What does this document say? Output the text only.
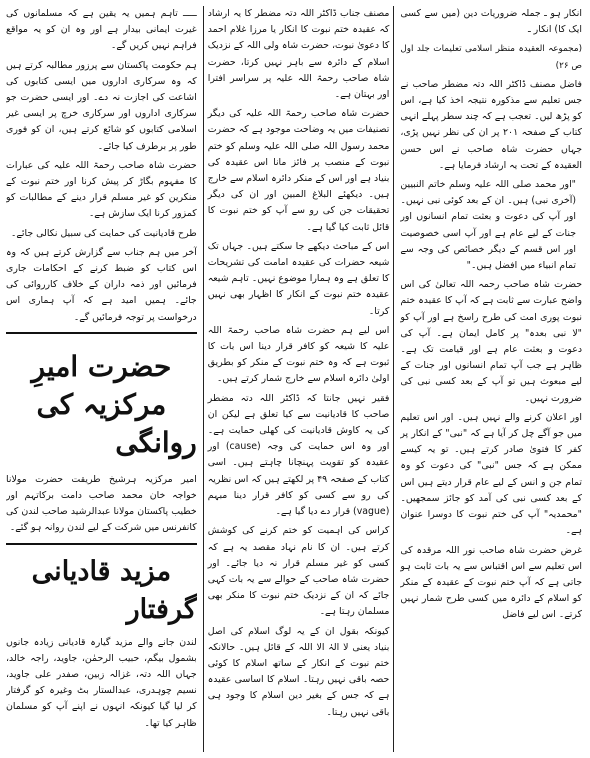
انکار ہو ـ جملہ ضروریات دین (میں سے کسی ایک کا) انکار ـ

(مجموعہ العقیدہ منظر اسلامی تعلیمات جلد اول ص ۲۶)

فاضل مصنف ڈاکٹر اللہ دتہ مضطر صاحب نے جس تعلیم سے مذکورہ نتیجہ اخذ کیا ہے، اس کو پڑھ لیں۔ تعجب ہے کہ چند سطر پہلے انہی کتاب کے صفحہ ۲۰۱ پر ان کی نظر نہیں پڑی، جہاں حضرت شاہ صاحب نے اس حسن العقیدہ کے تحت یہ ارشاد فرمایا ہے۔

"اور محمد صلی اللہ علیہ وسلم خاتم النبیین (آخری نبی) ہیں۔ ان کے بعد کوئی نبی نہیں۔ اور آپ کی دعوت و بعثت تمام انسانوں اور جنات کے لیے عام ہے اور آپ اسی خصوصیت اور اس قسم کے دیگر خصائص کی وجہ سے تمام انبیاء میں افضل ہیں۔"

حضرت شاہ صاحب رحمہ اللہ تعالیٰ کی اس واضح عبارت سے ثابت ہے کہ آپ کا عقیدہ ختم نبوت پوری امت کی طرح راسخ ہے اور آپ کو "لا نبی بعدہ" پر کامل ایمان ہے۔ آپ کی دعوت و بعثت عام ہے اور قیامت تک ہے۔ ظاہر ہے جب آپ تمام انسانوں اور جنات کے لیے مبعوث ہیں تو آپ کے بعد کسی نبی کی ضرورت نہیں۔

اور اعلان کرنے والے نہیں ہیں۔ اور اس تعلیم میں جو آگے چل کر آیا ہے کہ "نبی" کے انکار پر کفر کا فتویٰ صادر کرتے ہیں۔ تو یہ کیسے ممکن ہے کہ جس "نبی" کی دعوت کو وہ تمام جن و انس کے لیے عام قرار دیتے ہیں اس کے بعد کسی نبی کی آمد کو جائز سمجھیں۔ "محمدیہ" آپ کی ختم نبوت کا دوسرا عنوان ہے۔

غرض حضرت شاہ صاحب نور اللہ مرقدہ کی اس تعلیم سے اس اقتباس سے یہ بات ثابت ہو جاتی ہے کہ آپ ختم نبوت کے عقیدہ کے منکر کو اسلام کے دائرہ میں کسی طرح شمار نہیں کرتے۔ اس لیے فاضل

مصنف جناب ڈاکٹر اللہ دتہ مضطر کا یہ ارشاد کہ عقیدہ ختم نبوت کا انکار یا مرزا غلام احمد کا دعویٰ نبوت، حضرت شاہ ولی اللہ کے نزدیک اسلام کے دائرہ سے باہر نہیں کرتا، حضرت شاہ صاحب رحمۃ اللہ علیہ پر سراسر افترا اور بہتان ہے۔

حضرت شاہ صاحب رحمۃ اللہ علیہ کی دیگر تصنیفات میں یہ وضاحت موجود ہے کہ حضرت محمد رسول اللہ صلی اللہ علیہ وسلم کو ختم نبوت کے منصب پر فائز مانا اس عقیدہ کی بنیاد ہے اور اس کے منکر دائرہ اسلام سے خارج ہیں۔ دیکھئے البلاغ المبین اور ان کی دیگر تحقیقات جن کی رو سے آپ کو ختم نبوت کا قائل ثابت کیا گیا ہے۔

اس کے مباحث دیکھے جا سکتے ہیں۔ جہاں تک شیعہ حضرات کی عقیدہ امامت کی تشریحات کا تعلق ہے وہ ہمارا موضوع نہیں۔ تاہم شیعہ عقیدہ ختم نبوت کے انکار کا اظہار بھی نہیں کرتا۔

اس لیے ہم حضرت شاہ صاحب رحمۃ اللہ علیہ کا شیعہ کو کافر قرار دینا اس بات کا ثبوت ہے کہ وہ ختم نبوت کے منکر کو بطریق اولیٰ دائرہ اسلام سے خارج شمار کرتے ہیں۔

فقیر نہیں جانتا کہ ڈاکٹر اللہ دتہ مضطر صاحب کا قادیانیت سے کیا تعلق ہے لیکن ان کی یہ کاوش قادیانیت کی کھلی حمایت ہے۔ اور وہ اس حمایت کی وجہ (cause) اور عقیدہ کو تقویت پہنچانا چاہتے ہیں۔ اسی کتاب کے صفحہ ۴۹ پر لکھتے ہیں کہ اس نظریہ کی رو سے کسی کو کافر قرار دینا مبہم (vague) قرار دے دیا گیا ہے۔

کراس کی اہمیت کو ختم کرنے کی کوشش کرتے ہیں۔ ان کا نام نہاد مقصد یہ ہے کہ کسی کو غیر مسلم قرار نہ دیا جائے۔ اور حضرت شاہ صاحب کے حوالے سے یہ بات کہی جائے کہ ان کے نزدیک ختم نبوت کا منکر بھی مسلمان رہتا ہے۔

کیونکہ بقول ان کے یہ لوگ اسلام کی اصل بنیاد یعنی لا الہٰ الا اللہ کے قائل ہیں۔ حالانکہ ختم نبوت کے انکار کے ساتھ اسلام کا کوئی حصہ باقی نہیں رہتا۔ اسلام کا اساسی عقیدہ ہے کہ جس کے بغیر دین اسلام کا وجود ہی باقی نہیں رہتا۔

ـــــ تاہم ہمیں یہ یقین ہے کہ مسلمانوں کی غیرت ایمانی بیدار ہے اور وہ ان کو یہ مواقع فراہم نہیں کریں گے۔

ہم حکومت پاکستان سے پرزور مطالبہ کرتے ہیں کہ وہ سرکاری اداروں میں ایسی کتابوں کی اشاعت کی اجازت نہ دے۔ اور ایسی حضرت جو سرکاری اداروں اور سرکاری خرچ پر ایسی غیر اسلامی کتابوں کو شائع کرتے ہیں، ان کو فوری طور پر برطرف کیا جائے۔

حضرت شاہ صاحب رحمۃ اللہ علیہ کی عبارات کا مفہوم بگاڑ کر پیش کرنا اور ختم نبوت کے منکرین کو غیر مسلم قرار دینے کے مطالبات کو کمزور کرنا ایک سازش ہے۔

طرح قادیانیت کی حمایت کی سبیل نکالی جائے۔

آخر میں ہم جناب سے گزارش کرتے ہیں کہ وہ اس کتاب کو ضبط کرنے کے احکامات جاری فرمائیں اور ذمہ داران کے خلاف کارروائی کی جائے۔ ہمیں امید ہے کہ آپ ہماری اس درخواست پر توجہ فرمائیں گے۔

حضرت امیرِ مرکزیہ کی روانگی

امیر مرکزیہ ہرشیخ طریقت حضرت مولانا خواجہ خان محمد صاحب دامت برکاتہم اور خطیب پاکستان مولانا عبدالرشید صاحب لندن کی کانفرنس میں شرکت کے لیے لندن روانہ ہو گئے۔

مزید قادیانی گرفتار

لندن جانے والے مزید گیارہ قادیانی زیادہ جانوں بشمول بیگم، حبیب الرحمٰن، جاوید، راجہ خالد، جہاں اللہ دتہ، غزالہ زبین، صفدر علی جاوید، نسیم چوہدری، عبدالستار بٹ وغیرہ کو گرفتار کر لیا گیا کیونکہ انہوں نے اپنے آپ کو مسلمان ظاہر کیا تھا۔
